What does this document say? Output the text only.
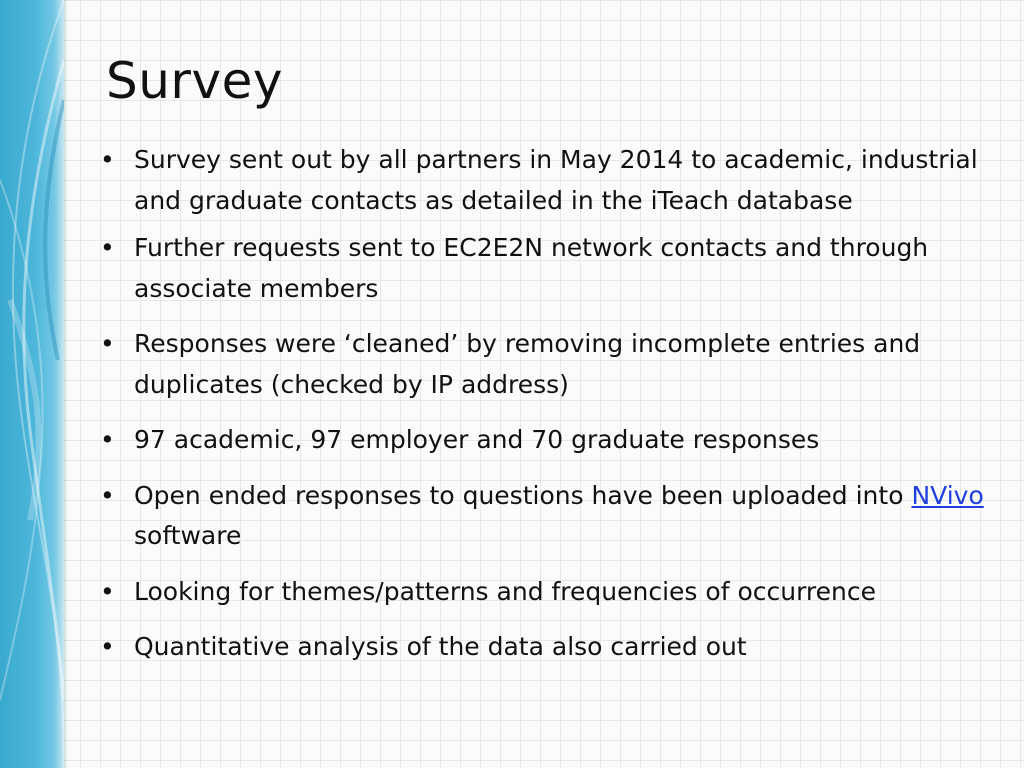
Survey
• Survey sent out by all partners in May 2014 to academic, industrial and graduate contacts as detailed in the iTeach database
• Further requests sent to EC2E2N network contacts and through associate members
• Responses were ‘cleaned’ by removing incomplete entries and duplicates (checked by IP address)
• 97 academic, 97 employer and 70 graduate responses
• Open ended responses to questions have been uploaded into NVivo software
• Looking for themes/patterns and frequencies of occurrence
• Quantitative analysis of the data also carried out
